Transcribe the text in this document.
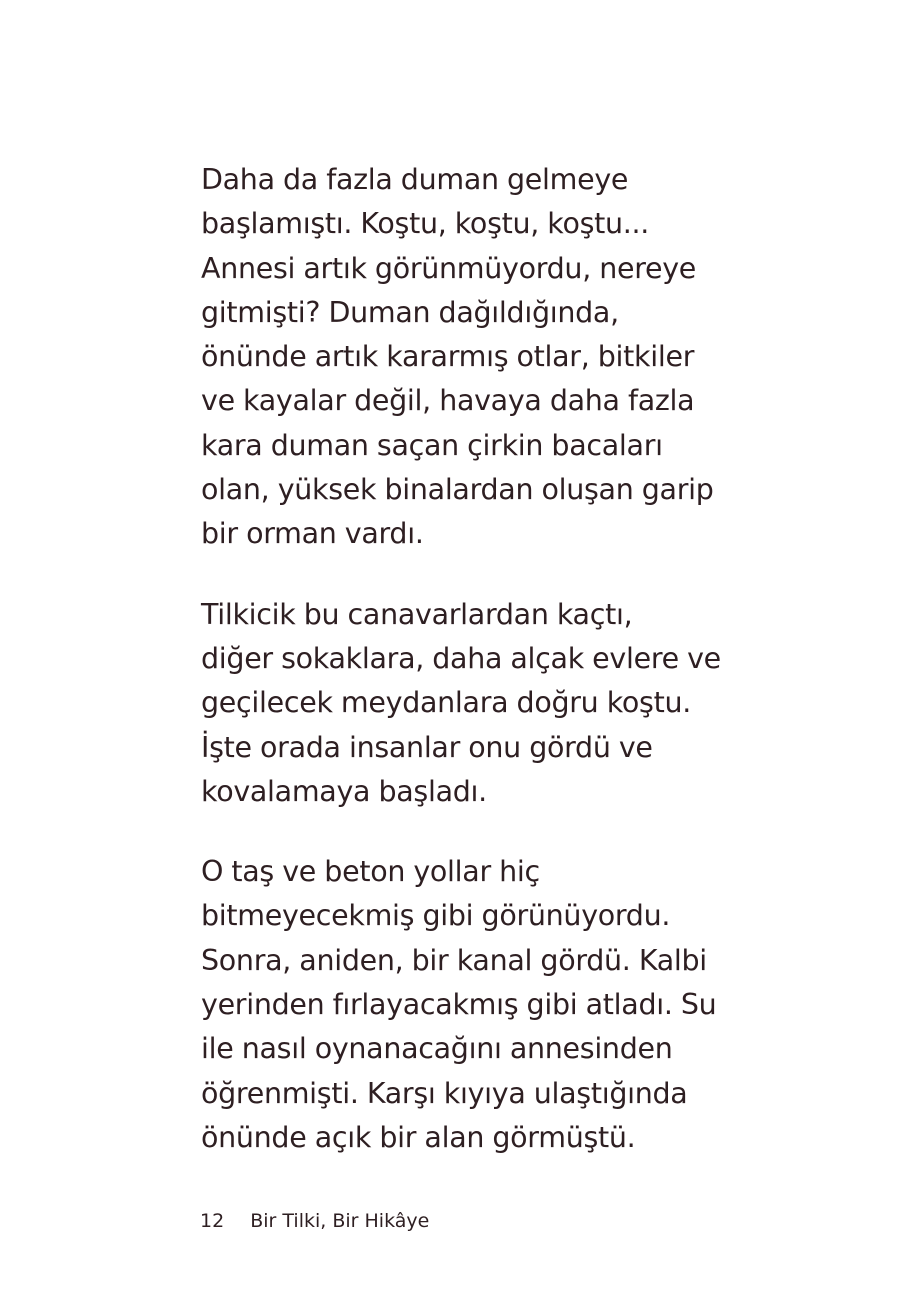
Daha da fazla duman gelmeye
başlamıştı. Koştu, koştu, koştu...
Annesi artık görünmüyordu, nereye
gitmişti? Duman dağıldığında,
önünde artık kararmış otlar, bitkiler
ve kayalar değil, havaya daha fazla
kara duman saçan çirkin bacaları
olan, yüksek binalardan oluşan garip
bir orman vardı.

Tilkicik bu canavarlardan kaçtı,
diğer sokaklara, daha alçak evlere ve
geçilecek meydanlara doğru koştu.
İşte orada insanlar onu gördü ve
kovalamaya başladı.

O taş ve beton yollar hiç
bitmeyecekmiş gibi görünüyordu.
Sonra, aniden, bir kanal gördü. Kalbi
yerinden fırlayacakmış gibi atladı. Su
ile nasıl oynanacağını annesinden
öğrenmişti. Karşı kıyıya ulaştığında
önünde açık bir alan görmüştü.

12 Bir Tilki, Bir Hikâye
